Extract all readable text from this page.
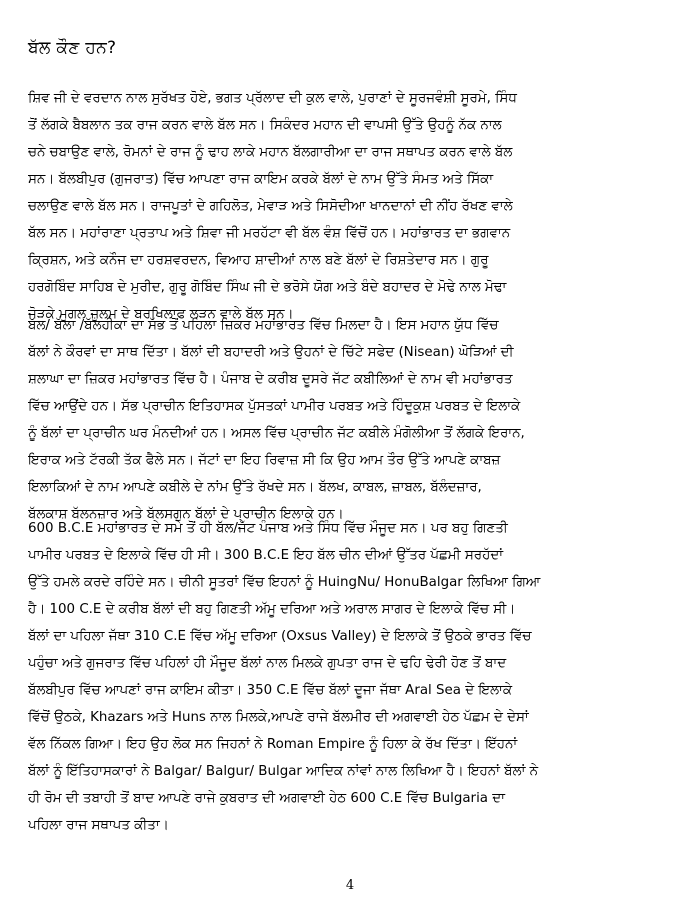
ਬੱਲ ਕੌਣ ਹਨ?
ਸ਼ਿਵ ਜੀ ਦੇ ਵਰਦਾਨ ਨਾਲ ਸੁਰੱਖਤ ਹੋਏ, ਭਗਤ ਪ੍ਰੱਲਾਦ ਦੀ ਕੁਲ ਵਾਲੇ, ਪੁਰਾਣਾਂ ਦੇ ਸੂਰਜਵੰਸ਼ੀ ਸੂਰਮੇ, ਸਿੰਧ
ਤੋਂ ਲੱਗਕੇ ਬੈਬਲਾਨ ਤਕ ਰਾਜ ਕਰਨ ਵਾਲੇ ਬੱਲ ਸਨ। ਸਿਕੰਦਰ ਮਹਾਨ ਦੀ ਵਾਪਸੀ ਉੱਤੇ ਉਹਨੂੰ ਨੱਕ ਨਾਲ
ਚਨੇ ਚਬਾਉਣ ਵਾਲੇ, ਰੋਮਨਾਂ ਦੇ ਰਾਜ ਨੂੰ ਢਾਹ ਲਾਕੇ ਮਹਾਨ ਬੱਲਗਾਰੀਆ ਦਾ ਰਾਜ ਸਥਾਪਤ ਕਰਨ ਵਾਲੇ ਬੱਲ
ਸਨ। ਬੱਲਬੀਪੁਰ (ਗੁਜਰਾਤ) ਵਿੱਚ ਆਪਣਾ ਰਾਜ ਕਾਇਮ ਕਰਕੇ ਬੱਲਾਂ ਦੇ ਨਾਮ ਉੱਤੇ ਸੰਮਤ ਅਤੇ ਸਿੱਕਾ
ਚਲਾਉਣ ਵਾਲੇ ਬੱਲ ਸਨ। ਰਾਜਪੂਤਾਂ ਦੇ ਗਹਿਲੋਤ, ਮੇਵਾੜ ਅਤੇ ਸਿਸੋਦੀਆ ਖਾਨਦਾਨਾਂ ਦੀ ਨੀਂਹ ਰੱਖਣ ਵਾਲੇ
ਬੱਲ ਸਨ। ਮਹਾਂਰਾਣਾ ਪ੍ਰਤਾਪ ਅਤੇ ਸ਼ਿਵਾ ਜੀ ਮਰਹੱਟਾ ਵੀ ਬੱਲ ਵੰਸ਼ ਵਿੱਚੋਂ ਹਨ। ਮਹਾਂਭਾਰਤ ਦਾ ਭਗਵਾਨ
ਕ੍ਰਿਸ਼ਨ, ਅਤੇ ਕਨੌਜ ਦਾ ਹਰਸ਼ਵਰਦਨ, ਵਿਆਹ ਸ਼ਾਦੀਆਂ ਨਾਲ ਬਣੇ ਬੱਲਾਂ ਦੇ ਰਿਸ਼ਤੇਦਾਰ ਸਨ। ਗੁਰੂ
ਹਰਗੋਬਿੰਦ ਸਾਹਿਬ ਦੇ ਮੁਰੀਦ, ਗੁਰੂ ਗੋਬਿੰਦ ਸਿੰਘ ਜੀ ਦੇ ਭਰੋਸੇ ਯੋਗ ਅਤੇ ਬੰਦੇ ਬਹਾਦਰ ਦੇ ਮੋਢੇ ਨਾਲ ਮੋਢਾ
ਜੋੜਕੇ ਮੁਗਲ ਜ਼ੁਲਮ ਦੇ ਬਰਖਿਲਾਫ ਲੜਨ ਵਾਲੇ ਬੱਲ ਸਨ।
ਬੱਲ/ ਬੱਲਾ /ਬੱਲਹੀਕਾ ਦਾ ਸੱਭ ਤੋਂ ਪਹਿਲਾ ਜ਼ਿਕਰ ਮਹਾਂਭਾਰਤ ਵਿੱਚ ਮਿਲਦਾ ਹੈ। ਇਸ ਮਹਾਨ ਯੁੱਧ ਵਿੱਚ
ਬੱਲਾਂ ਨੇ ਕੌਰਵਾਂ ਦਾ ਸਾਥ ਦਿੱਤਾ। ਬੱਲਾਂ ਦੀ ਬਹਾਦਰੀ ਅਤੇ ਉਹਨਾਂ ਦੇ ਚਿੱਟੇ ਸਫੇਦ (Nisean) ਘੋੜਿਆਂ ਦੀ
ਸ਼ਲਾਘਾ ਦਾ ਜ਼ਿਕਰ ਮਹਾਂਭਾਰਤ ਵਿੱਚ ਹੈ। ਪੰਜਾਬ ਦੇ ਕਰੀਬ ਦੂਸਰੇ ਜੱਟ ਕਬੀਲਿਆਂ ਦੇ ਨਾਮ ਵੀ ਮਹਾਂਭਾਰਤ
ਵਿੱਚ ਆਉਂਦੇ ਹਨ। ਸੱਭ ਪ੍ਰਾਚੀਨ ਇਤਿਹਾਸਕ ਪੁੱਸਤਕਾਂ ਪਾਮੀਰ ਪਰਬਤ ਅਤੇ ਹਿੰਦੂਕੁਸ਼ ਪਰਬਤ ਦੇ ਇਲਾਕੇ
ਨੂੰ ਬੱਲਾਂ ਦਾ ਪ੍ਰਾਚੀਨ ਘਰ ਮੰਨਦੀਆਂ ਹਨ। ਅਸਲ ਵਿੱਚ ਪ੍ਰਾਚੀਨ ਜੱਟ ਕਬੀਲੇ ਮੰਗੋਲੀਆ ਤੋਂ ਲੱਗਕੇ ਇਰਾਨ,
ਇਰਾਕ ਅਤੇ ਟੱਰਕੀ ਤੱਕ ਫੈਲੇ ਸਨ। ਜੱਟਾਂ ਦਾ ਇਹ ਰਿਵਾਜ਼ ਸੀ ਕਿ ਉਹ ਆਮ ਤੌਰ ਉੱਤੇ ਆਪਣੇ ਕਾਬਜ਼
ਇਲਾਕਿਆਂ ਦੇ ਨਾਮ ਆਪਣੇ ਕਬੀਲੇ ਦੇ ਨਾਂਮ ਉੱਤੇ ਰੱਖਦੇ ਸਨ। ਬੱਲਖ, ਕਾਬਲ, ਜ਼ਾਬਲ, ਬੱਲੰਦਜ਼ਾਰ,
ਬੱਲਕਾਸ਼ ਬੱਲਨਜ਼ਾਰ ਅਤੇ ਬੱਲਸਗੁਨ ਬੱਲਾਂ ਦੇ ਪ੍ਰਾਚੀਨ ਇਲਾਕੇ ਹਨ।
600 B.C.E ਮਹਾਂਭਾਰਤ ਦੇ ਸਮੇ ਤੋਂ ਹੀ ਬੱਲ/ਜੱਟ ਪੰਜਾਬ ਅਤੇ ਸਿੰਧ ਵਿੱਚ ਮੌਜੂਦ ਸਨ। ਪਰ ਬਹੁ ਗਿਣਤੀ
ਪਾਮੀਰ ਪਰਬਤ ਦੇ ਇਲਾਕੇ ਵਿੱਚ ਹੀ ਸੀ। 300 B.C.E ਇਹ ਬੱਲ ਚੀਨ ਦੀਆਂ ਉੱਤਰ ਪੱਛਮੀ ਸਰਹੱਦਾਂ
ਉੱਤੇ ਹਮਲੇ ਕਰਦੇ ਰਹਿੰਦੇ ਸਨ। ਚੀਨੀ ਸੂਤਰਾਂ ਵਿੱਚ ਇਹਨਾਂ ਨੂੰ HuingNu/ HonuBalgar ਲਿਖਿਆ ਗਿਆ
ਹੈ। 100 C.E ਦੇ ਕਰੀਬ ਬੱਲਾਂ ਦੀ ਬਹੁ ਗਿਣਤੀ ਅੱਮੂ ਦਰਿਆ ਅਤੇ ਅਰਾਲ ਸਾਗਰ ਦੇ ਇਲਾਕੇ ਵਿੱਚ ਸੀ।
ਬੱਲਾਂ ਦਾ ਪਹਿਲਾ ਜੱਥਾ 310 C.E ਵਿੱਚ ਅੱਮੂ ਦਰਿਆ (Oxsus Valley) ਦੇ ਇਲਾਕੇ ਤੋਂ ਉਠਕੇ ਭਾਰਤ ਵਿੱਚ
ਪਹੁੰਚਾ ਅਤੇ ਗੁਜਰਾਤ ਵਿੱਚ ਪਹਿਲਾਂ ਹੀ ਮੌਜੂਦ ਬੱਲਾਂ ਨਾਲ ਮਿਲਕੇ ਗੁਪਤਾ ਰਾਜ ਦੇ ਢਹਿ ਢੇਰੀ ਹੋਣ ਤੋਂ ਬਾਦ
ਬੱਲਬੀਪੁਰ ਵਿੱਚ ਆਪਣਾਂ ਰਾਜ ਕਾਇਮ ਕੀਤਾ। 350 C.E ਵਿੱਚ ਬੱਲਾਂ ਦੂਜਾ ਜੱਥਾ Aral Sea ਦੇ ਇਲਾਕੇ
ਵਿੱਚੋਂ ਉਠਕੇ, Khazars ਅਤੇ Huns ਨਾਲ ਮਿਲਕੇ,ਆਪਣੇ ਰਾਜੇ ਬੱਲਮੀਰ ਦੀ ਅਗਵਾਈ ਹੇਠ ਪੱਛਮ ਦੇ ਦੇਸਾਂ
ਵੱਲ ਨਿੱਕਲ ਗਿਆ। ਇਹ ਉਹ ਲੋਕ ਸਨ ਜਿਹਨਾਂ ਨੇ Roman Empire ਨੂੰ ਹਿਲਾ ਕੇ ਰੱਖ ਦਿੱਤਾ। ਇੱਹਨਾਂ
ਬੱਲਾਂ ਨੂੰ ਇੱਤਿਹਾਸਕਾਰਾਂ ਨੇ Balgar/ Balgur/ Bulgar ਆਦਿਕ ਨਾਂਵਾਂ ਨਾਲ ਲਿਖਿਆ ਹੈ। ਇਹਨਾਂ ਬੱਲਾਂ ਨੇ
ਹੀ ਰੋਮ ਦੀ ਤਬਾਹੀ ਤੋਂ ਬਾਦ ਆਪਣੇ ਰਾਜੇ ਕੁਬਰਾਤ ਦੀ ਅਗਵਾਈ ਹੇਠ 600 C.E ਵਿੱਚ Bulgaria ਦਾ
ਪਹਿਲਾ ਰਾਜ ਸਥਾਪਤ ਕੀਤਾ।
4
